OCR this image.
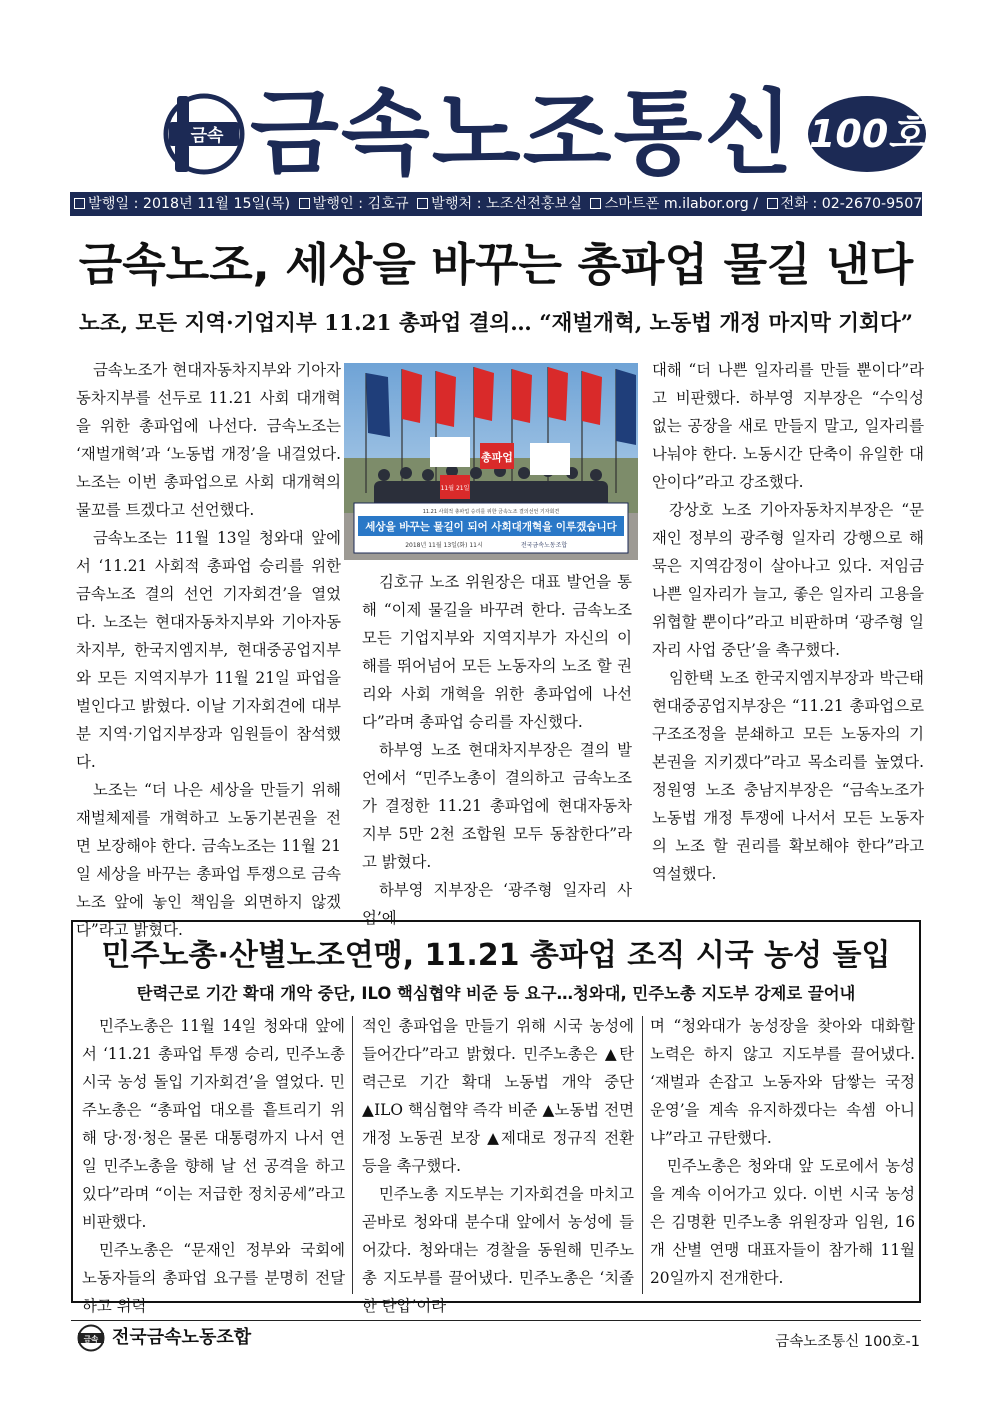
금속 금속노조통신 100호
발행일 : 2018년 11월 15일(목) 발행인 : 김호규 발행처 : 노조선전홍보실 스마트폰 m.ilabor.org / 전화 : 02-2670-9507
금속노조, 세상을 바꾸는 총파업 물길 낸다
노조, 모든 지역·기업지부 11.21 총파업 결의… “재벌개혁, 노동법 개정 마지막 기회다”

금속노조가 현대자동차지부와 기아자동차지부를 선두로 11.21 사회 대개혁을 위한 총파업에 나선다. 금속노조는 ‘재벌개혁’과 ‘노동법 개정’을 내걸었다. 노조는 이번 총파업으로 사회 대개혁의 물꼬를 트겠다고 선언했다.

금속노조는 11월 13일 청와대 앞에서 ‘11.21 사회적 총파업 승리를 위한 금속노조 결의 선언 기자회견’을 열었다. 노조는 현대자동차지부와 기아자동차지부, 한국지엠지부, 현대중공업지부와 모든 지역지부가 11월 21일 파업을 벌인다고 밝혔다. 이날 기자회견에 대부분 지역·기업지부장과 임원들이 참석했다.

노조는 “더 나은 세상을 만들기 위해 재벌체제를 개혁하고 노동기본권을 전면 보장해야 한다. 금속노조는 11월 21일 세상을 바꾸는 총파업 투쟁으로 금속노조 앞에 놓인 책임을 외면하지 않겠다”라고 밝혔다.

총파업
11월 21일
11.21 사회적 총파업 승리를 위한 금속노조 결의선언 기자회견
세상을 바꾸는 물길이 되어 사회대개혁을 이루겠습니다
2018년 11월 13일(화) 11시	전국금속노동조합

김호규 노조 위원장은 대표 발언을 통해 “이제 물길을 바꾸려 한다. 금속노조 모든 기업지부와 지역지부가 자신의 이해를 뛰어넘어 모든 노동자의 노조 할 권리와 사회 개혁을 위한 총파업에 나선다”라며 총파업 승리를 자신했다.

하부영 노조 현대차지부장은 결의 발언에서 “민주노총이 결의하고 금속노조가 결정한 11.21 총파업에 현대자동차지부 5만 2천 조합원 모두 동참한다”라고 밝혔다.

하부영 지부장은 ‘광주형 일자리 사업’에

대해 “더 나쁜 일자리를 만들 뿐이다”라고 비판했다. 하부영 지부장은 “수익성 없는 공장을 새로 만들지 말고, 일자리를 나눠야 한다. 노동시간 단축이 유일한 대안이다”라고 강조했다.

강상호 노조 기아자동차지부장은 “문재인 정부의 광주형 일자리 강행으로 해묵은 지역감정이 살아나고 있다. 저임금 나쁜 일자리가 늘고, 좋은 일자리 고용을 위협할 뿐이다”라고 비판하며 ‘광주형 일자리 사업 중단’을 촉구했다.

임한택 노조 한국지엠지부장과 박근태 현대중공업지부장은 “11.21 총파업으로 구조조정을 분쇄하고 모든 노동자의 기본권을 지키겠다”라고 목소리를 높였다. 정원영 노조 충남지부장은 “금속노조가 노동법 개정 투쟁에 나서서 모든 노동자의 노조 할 권리를 확보해야 한다”라고 역설했다.

민주노총·산별노조연맹, 11.21 총파업 조직 시국 농성 돌입
탄력근로 기간 확대 개악 중단, ILO 핵심협약 비준 등 요구…청와대, 민주노총 지도부 강제로 끌어내

민주노총은 11월 14일 청와대 앞에서 ‘11.21 총파업 투쟁 승리, 민주노총 시국 농성 돌입 기자회견’을 열었다. 민주노총은 “총파업 대오를 흩트리기 위해 당·정·청은 물론 대통령까지 나서 연일 민주노총을 향해 날 선 공격을 하고 있다”라며 “이는 저급한 정치공세”라고 비판했다.

민주노총은 “문재인 정부와 국회에 노동자들의 총파업 요구를 분명히 전달하고 위력

적인 총파업을 만들기 위해 시국 농성에 들어간다”라고 밝혔다. 민주노총은 ▲탄력근로 기간 확대 노동법 개악 중단 ▲ILO 핵심협약 즉각 비준 ▲노동법 전면개정 노동권 보장 ▲제대로 정규직 전환 등을 촉구했다.

민주노총 지도부는 기자회견을 마치고 곧바로 청와대 분수대 앞에서 농성에 들어갔다. 청와대는 경찰을 동원해 민주노총 지도부를 끌어냈다. 민주노총은 ‘치졸한 탄압’이라

며 “청와대가 농성장을 찾아와 대화할 노력은 하지 않고 지도부를 끌어냈다. ‘재벌과 손잡고 노동자와 담쌓는 국정 운영’을 계속 유지하겠다는 속셈 아니냐”라고 규탄했다.

민주노총은 청와대 앞 도로에서 농성을 계속 이어가고 있다. 이번 시국 농성은 김명환 민주노총 위원장과 임원, 16개 산별 연맹 대표자들이 참가해 11월 20일까지 전개한다.

금속 전국금속노동조합	금속노조통신 100호-1
